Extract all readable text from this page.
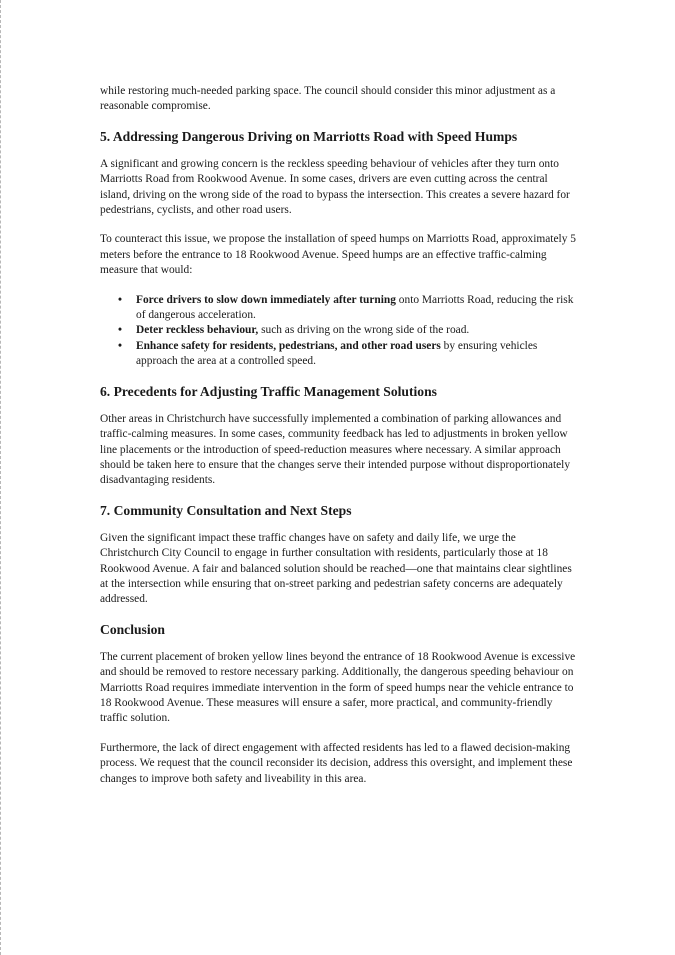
while restoring much-needed parking space. The council should consider this minor adjustment as a reasonable compromise.

5. Addressing Dangerous Driving on Marriotts Road with Speed Humps

A significant and growing concern is the reckless speeding behaviour of vehicles after they turn onto Marriotts Road from Rookwood Avenue. In some cases, drivers are even cutting across the central island, driving on the wrong side of the road to bypass the intersection. This creates a severe hazard for pedestrians, cyclists, and other road users.

To counteract this issue, we propose the installation of speed humps on Marriotts Road, approximately 5 meters before the entrance to 18 Rookwood Avenue. Speed humps are an effective traffic-calming measure that would:

• Force drivers to slow down immediately after turning onto Marriotts Road, reducing the risk of dangerous acceleration.
• Deter reckless behaviour, such as driving on the wrong side of the road.
• Enhance safety for residents, pedestrians, and other road users by ensuring vehicles approach the area at a controlled speed.
6. Precedents for Adjusting Traffic Management Solutions

Other areas in Christchurch have successfully implemented a combination of parking allowances and traffic-calming measures. In some cases, community feedback has led to adjustments in broken yellow line placements or the introduction of speed-reduction measures where necessary. A similar approach should be taken here to ensure that the changes serve their intended purpose without disproportionately disadvantaging residents.

7. Community Consultation and Next Steps

Given the significant impact these traffic changes have on safety and daily life, we urge the Christchurch City Council to engage in further consultation with residents, particularly those at 18 Rookwood Avenue. A fair and balanced solution should be reached—one that maintains clear sightlines at the intersection while ensuring that on-street parking and pedestrian safety concerns are adequately addressed.

Conclusion

The current placement of broken yellow lines beyond the entrance of 18 Rookwood Avenue is excessive and should be removed to restore necessary parking. Additionally, the dangerous speeding behaviour on Marriotts Road requires immediate intervention in the form of speed humps near the vehicle entrance to 18 Rookwood Avenue. These measures will ensure a safer, more practical, and community-friendly traffic solution.

Furthermore, the lack of direct engagement with affected residents has led to a flawed decision-making process. We request that the council reconsider its decision, address this oversight, and implement these changes to improve both safety and liveability in this area.
